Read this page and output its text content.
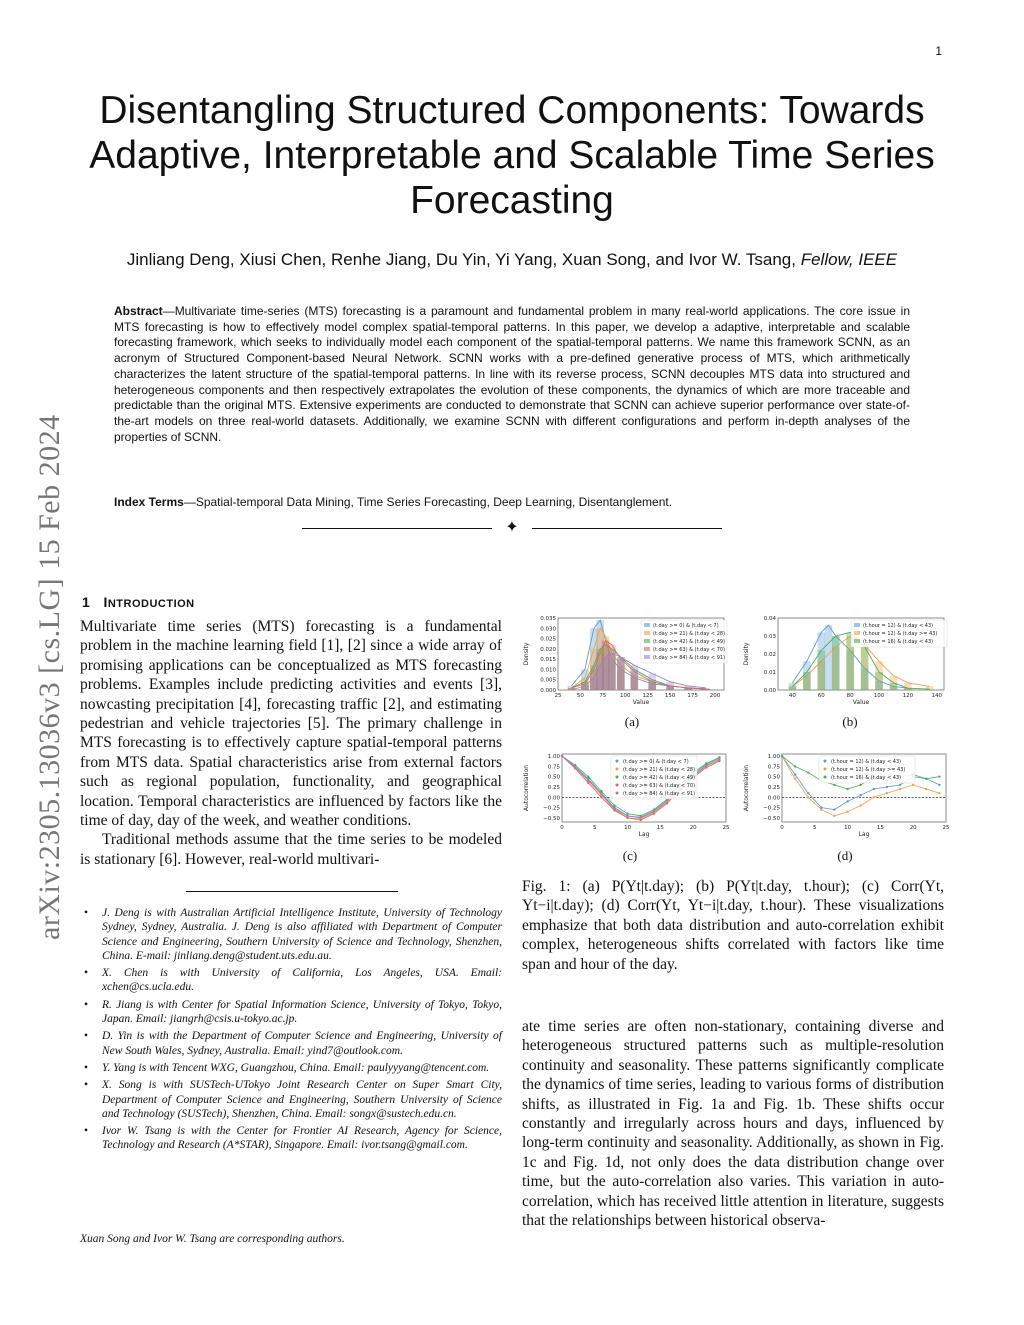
1
Disentangling Structured Components: Towards Adaptive, Interpretable and Scalable Time Series Forecasting
Jinliang Deng, Xiusi Chen, Renhe Jiang, Du Yin, Yi Yang, Xuan Song, and Ivor W. Tsang, Fellow, IEEE
Abstract—Multivariate time-series (MTS) forecasting is a paramount and fundamental problem in many real-world applications. The core issue in MTS forecasting is how to effectively model complex spatial-temporal patterns. In this paper, we develop a adaptive, interpretable and scalable forecasting framework, which seeks to individually model each component of the spatial-temporal patterns. We name this framework SCNN, as an acronym of Structured Component-based Neural Network. SCNN works with a pre-defined generative process of MTS, which arithmetically characterizes the latent structure of the spatial-temporal patterns. In line with its reverse process, SCNN decouples MTS data into structured and heterogeneous components and then respectively extrapolates the evolution of these components, the dynamics of which are more traceable and predictable than the original MTS. Extensive experiments are conducted to demonstrate that SCNN can achieve superior performance over state-of-the-art models on three real-world datasets. Additionally, we examine SCNN with different configurations and perform in-depth analyses of the properties of SCNN.
Index Terms—Spatial-temporal Data Mining, Time Series Forecasting, Deep Learning, Disentanglement.
✦
1 INTRODUCTION

Multivariate time series (MTS) forecasting is a fundamental problem in the machine learning field [1], [2] since a wide array of promising applications can be conceptualized as MTS forecasting problems. Examples include predicting activities and events [3], nowcasting precipitation [4], forecasting traffic [2], and estimating pedestrian and vehicle trajectories [5]. The primary challenge in MTS forecasting is to effectively capture spatial-temporal patterns from MTS data. Spatial characteristics arise from external factors such as regional population, functionality, and geographical location. Temporal characteristics are influenced by factors like the time of day, day of the week, and weather conditions.

Traditional methods assume that the time series to be modeled is stationary [6]. However, real-world multivari-

• J. Deng is with Australian Artificial Intelligence Institute, University of Technology Sydney, Sydney, Australia. J. Deng is also affiliated with Department of Computer Science and Engineering, Southern University of Science and Technology, Shenzhen, China. E-mail: jinliang.deng@student.uts.edu.au.
• X. Chen is with University of California, Los Angeles, USA. Email: xchen@cs.ucla.edu.
• R. Jiang is with Center for Spatial Information Science, University of Tokyo, Tokyo, Japan. Email: jiangrh@csis.u-tokyo.ac.jp.
• D. Yin is with the Department of Computer Science and Engineering, University of New South Wales, Sydney, Australia. Email: yind7@outlook.com.
• Y. Yang is with Tencent WXG, Guangzhou, China. Email: paulyyyang@tencent.com.
• X. Song is with SUSTech-UTokyo Joint Research Center on Super Smart City, Department of Computer Science and Engineering, Southern University of Science and Technology (SUSTech), Shenzhen, China. Email: songx@sustech.edu.cn.
• Ivor W. Tsang is with the Center for Frontier AI Research, Agency for Science, Technology and Research (A*STAR), Singapore. Email: ivor.tsang@gmail.com.
Xuan Song and Ivor W. Tsang are corresponding authors.
25	50	75 100 125 150 175 200
0.000
0.005
0.010
0.015
0.020
0.025
0.030
0.035
Value
Density
(t.day >= 0) & (t.day < 7)
(t.day >= 21) & (t.day < 28)
(t.day >= 42) & (t.day < 49)
(t.day >= 63) & (t.day < 70)
(t.day >= 84) & (t.day < 91)
(a)
40	60	80	100	120	140
0.00
0.01
0.02
0.03
0.04
Value
Density
(t.hour = 12) & (t.day < 43)
(t.hour = 12) & (t.day >= 43)
(t.hour = 16) & (t.day < 43)
(b)
0	5	10	15	20	25
1.00
0.75
0.50
0.25
0.00
−0.25
−0.50
Lag
Autocorrelation
(t.day >= 0) & (t.day < 7)
(t.day >= 21) & (t.day < 28)
(t.day >= 42) & (t.day < 49)
(t.day >= 63) & (t.day < 70)
(t.day >= 84) & (t.day < 91)
(c)
0	5	10	15	20	25
1.00
0.75
0.50
0.25
0.00
−0.25
−0.50
Lag
Autocorrelation
(t.hour = 12) & (t.day < 43)
(t.hour = 12) & (t.day >= 43)
(t.hour = 16) & (t.day < 43)
(d)
Fig. 1: (a) P(Yt|t.day); (b) P(Yt|t.day, t.hour); (c) Corr(Yt, Yt−i|t.day); (d) Corr(Yt, Yt−i|t.day, t.hour). These visualizations emphasize that both data distribution and auto-correlation exhibit complex, heterogeneous shifts correlated with factors like time span and hour of the day.

ate time series are often non-stationary, containing diverse and heterogeneous structured patterns such as multiple-resolution continuity and seasonality. These patterns significantly complicate the dynamics of time series, leading to various forms of distribution shifts, as illustrated in Fig. 1a and Fig. 1b. These shifts occur constantly and irregularly across hours and days, influenced by long-term continuity and seasonality. Additionally, as shown in Fig. 1c and Fig. 1d, not only does the data distribution change over time, but the auto-correlation also varies. This variation in auto-correlation, which has received little attention in literature, suggests that the relationships between historical observa-

arXiv:2305.13036v3 [cs.LG] 15 Feb 2024
